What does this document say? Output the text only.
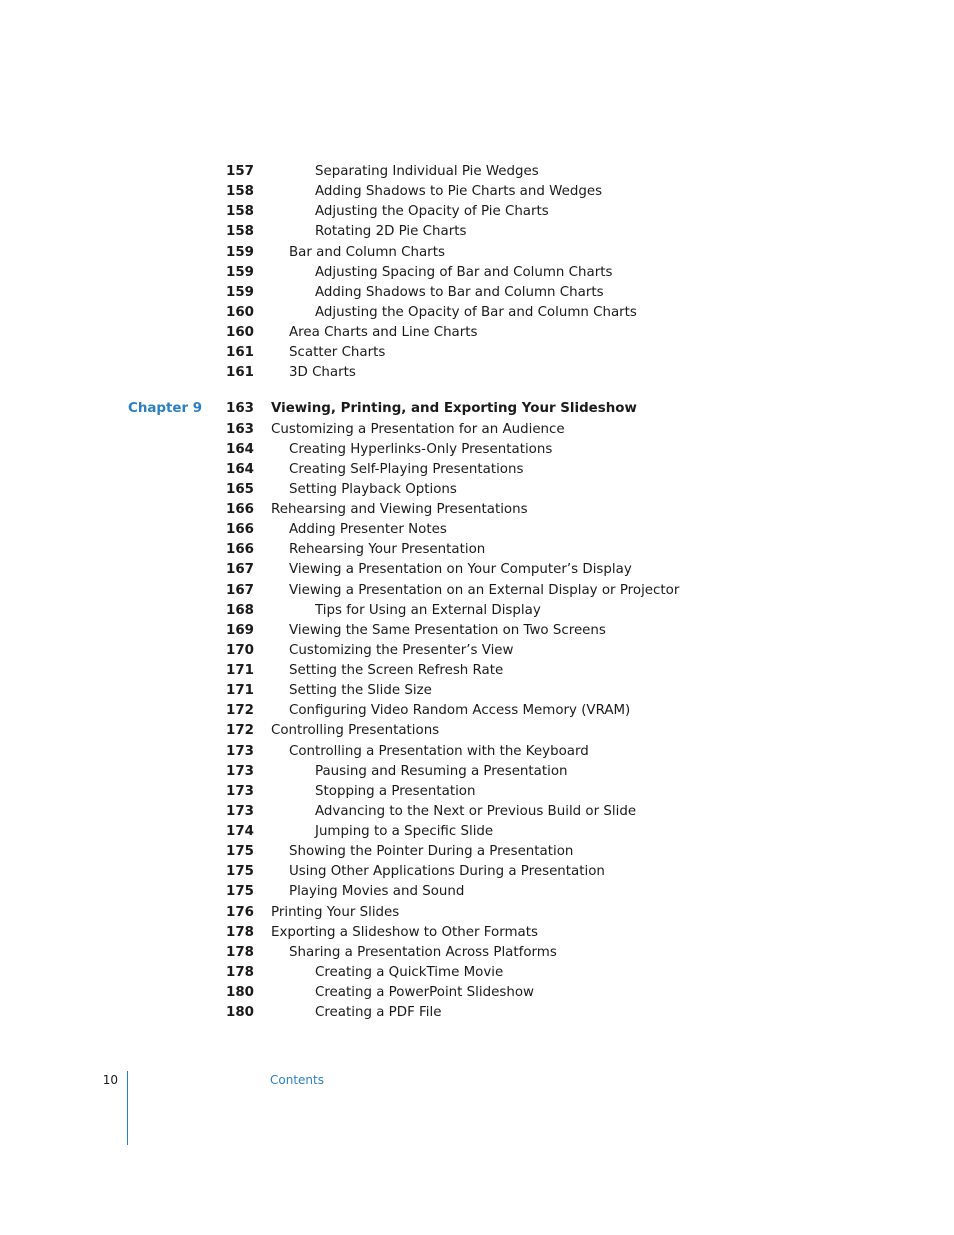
157	Separating Individual Pie Wedges
158	Adding Shadows to Pie Charts and Wedges
158	Adjusting the Opacity of Pie Charts
158	Rotating 2D Pie Charts
159	Bar and Column Charts
159	Adjusting Spacing of Bar and Column Charts
159	Adding Shadows to Bar and Column Charts
160	Adjusting the Opacity of Bar and Column Charts
160	Area Charts and Line Charts
161	Scatter Charts
161	3D Charts
Chapter 9	163 Viewing, Printing, and Exporting Your Slideshow
163 Customizing a Presentation for an Audience
164	Creating Hyperlinks-Only Presentations
164	Creating Self-Playing Presentations
165	Setting Playback Options
166 Rehearsing and Viewing Presentations
166	Adding Presenter Notes
166	Rehearsing Your Presentation
167	Viewing a Presentation on Your Computer’s Display
167	Viewing a Presentation on an External Display or Projector
168	Tips for Using an External Display
169	Viewing the Same Presentation on Two Screens
170	Customizing the Presenter’s View
171	Setting the Screen Refresh Rate
171	Setting the Slide Size
172	Configuring Video Random Access Memory (VRAM)
172 Controlling Presentations
173	Controlling a Presentation with the Keyboard
173	Pausing and Resuming a Presentation
173	Stopping a Presentation
173	Advancing to the Next or Previous Build or Slide
174	Jumping to a Specific Slide
175	Showing the Pointer During a Presentation
175	Using Other Applications During a Presentation
175	Playing Movies and Sound
176 Printing Your Slides
178 Exporting a Slideshow to Other Formats
178	Sharing a Presentation Across Platforms
178	Creating a QuickTime Movie
180	Creating a PowerPoint Slideshow
180	Creating a PDF File
10	Contents
